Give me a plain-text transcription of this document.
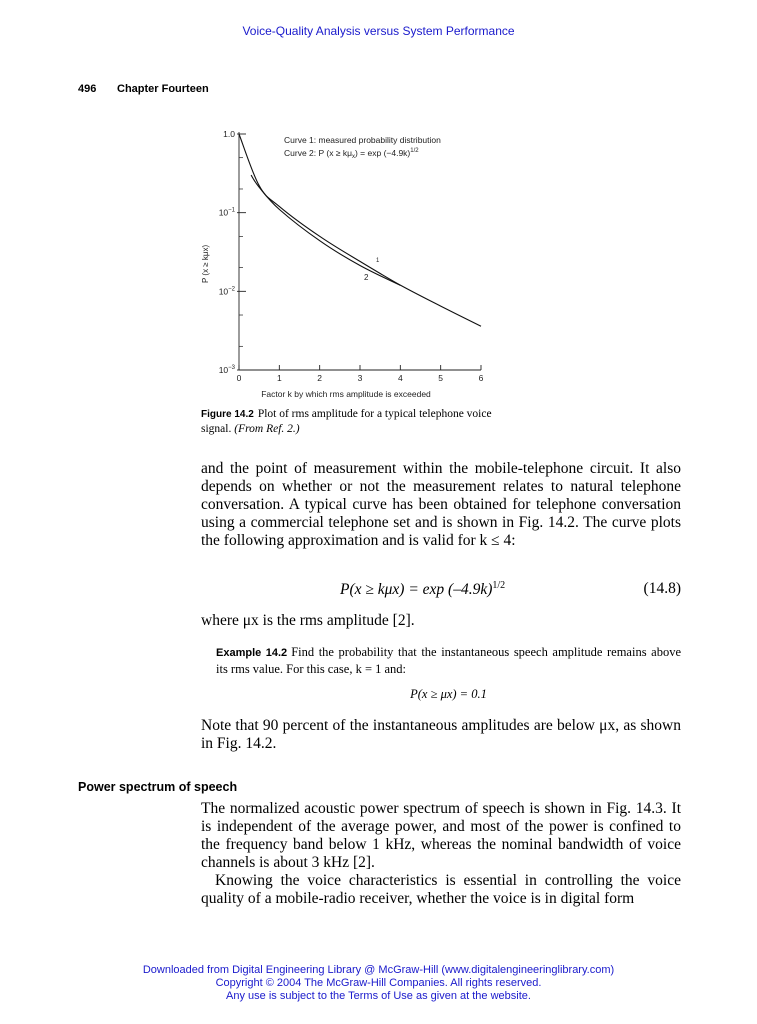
Voice-Quality Analysis versus System Performance
496 Chapter Fourteen
1.0
$10^{-1}$
$10^{-2}$
$10^{-3}$
0	1	2	3	4	5	6
Curve 1: measured probability distribution
Curve 2: P $(x \ge k\mu_x) = \exp (-4.9k)^{1/2}$
P (x ≥ kμx)
Factor k by which rms amplitude is exceeded
2
1
Figure 14.2 Plot of rms amplitude for a typical telephone voice signal. (From Ref. 2.)
and the point of measurement within the mobile-telephone circuit. It also depends on whether or not the measurement relates to natural telephone conversation. A typical curve has been obtained for telephone conversation using a commercial telephone set and is shown in Fig. 14.2. The curve plots the following approximation and is valid for k ≤ 4:
$P(x \ge k\mu x) = \exp (-4.9k)^{1/2}$	(14.8)
where μx is the rms amplitude [2].
Example 14.2 Find the probability that the instantaneous speech amplitude remains above its rms value. For this case, k = 1 and:
P(x ≥ μx) = 0.1
Note that 90 percent of the instantaneous amplitudes are below μx, as shown in Fig. 14.2.
Power spectrum of speech
The normalized acoustic power spectrum of speech is shown in Fig. 14.3. It is independent of the average power, and most of the power is confined to the frequency band below 1 kHz, whereas the nominal bandwidth of voice channels is about 3 kHz [2].
Knowing the voice characteristics is essential in controlling the voice quality of a mobile-radio receiver, whether the voice is in digital form
Downloaded from Digital Engineering Library @ McGraw-Hill (www.digitalengineeringlibrary.com)
Copyright © 2004 The McGraw-Hill Companies. All rights reserved.
Any use is subject to the Terms of Use as given at the website.
